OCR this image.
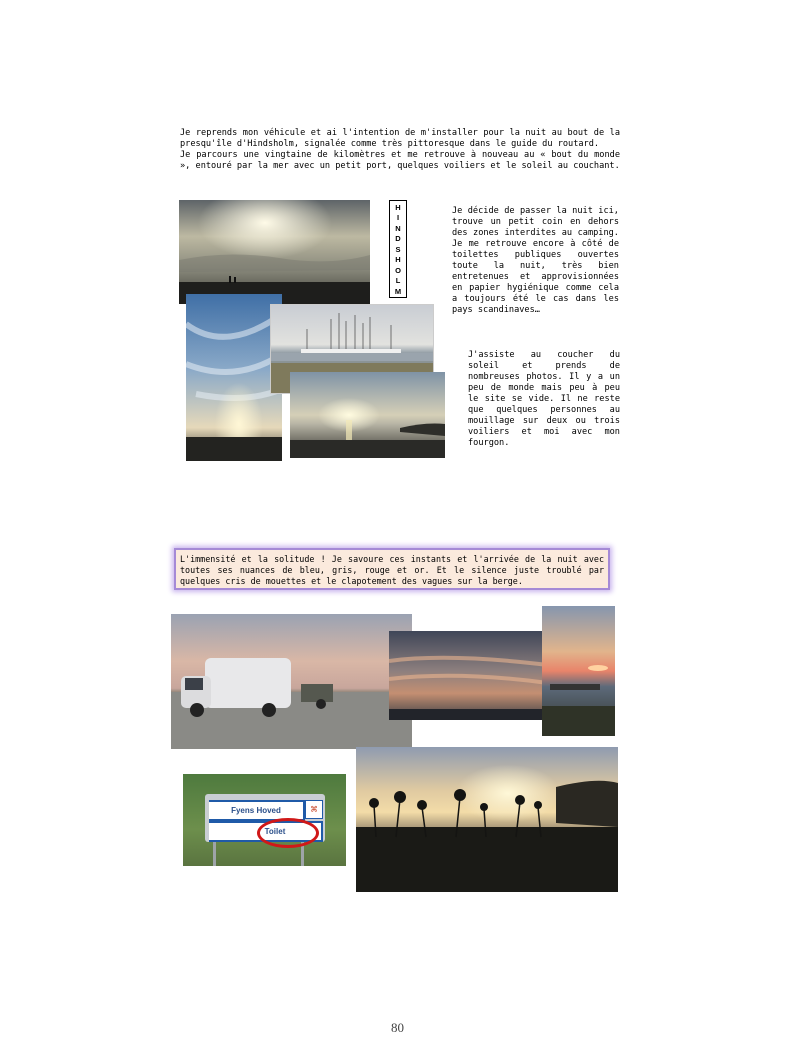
Je reprends mon véhicule et ai l'intention de m'installer pour la nuit au bout de la presqu'île d'Hindsholm, signalée comme très pittoresque dans le guide du routard.

Je parcours une vingtaine de kilomètres et me retrouve à nouveau au « bout du monde », entouré par la mer avec un petit port, quelques voiliers et le soleil au couchant.

H
I
N
D
S
H
O
L
M
Je décide de passer la nuit ici, trouve un petit coin en dehors des zones interdites au camping. Je me retrouve encore à côté de toilettes publiques ouvertes toute la nuit, très bien entretenues et approvisionnées en papier hygiénique comme cela a toujours été le cas dans les pays scandinaves…
J'assiste au coucher du soleil et prends de nombreuses photos. Il y a un peu de monde mais peu à peu le site se vide. Il ne reste que quelques personnes au mouillage sur deux ou trois voiliers et moi avec mon fourgon.
L'immensité et la solitude ! Je savoure ces instants et l'arrivée de la nuit avec toutes ses nuances de bleu, gris, rouge et or. Et le silence juste troublé par quelques cris de mouettes et le clapotement des vagues sur la berge.
Fyens Hoved	⌘
Toilet
80
